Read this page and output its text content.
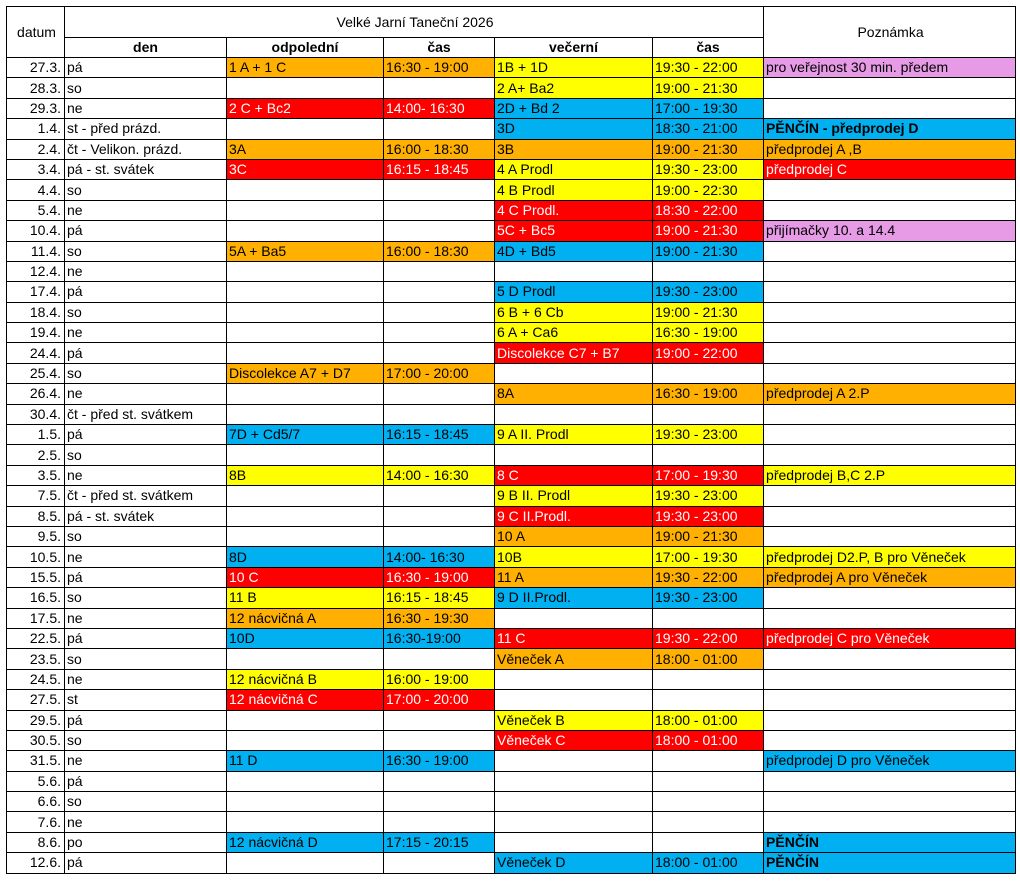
datum	Velké Jarní Taneční 2026					Poznámka
	den	odpolední	čas	večerní	čas	
27.3.	pá	1 A + 1 C	16:30 - 19:00	1B + 1D	19:30 - 22:00	pro veřejnost 30 min. předem
28.3.	so			2 A+ Ba2	19:00 - 21:30	
29.3.	ne	2 C + Bc2	14:00- 16:30	2D + Bd 2	17:00 - 19:30	
1.4.	st - před prázd.			3D	18:30 - 21:00	PĚNČÍN - předprodej D
2.4.	čt - Velikon. prázd.	3A	16:00 - 18:30	3B	19:00 - 21:30	předprodej A ,B
3.4.	pá - st. svátek	3C	16:15 - 18:45	4 A Prodl	19:30 - 23:00	předprodej C
4.4.	so			4 B Prodl	19:00 - 22:30	
5.4.	ne			4 C Prodl.	18:30 - 22:00	
10.4.	pá			5C + Bc5	19:00 - 21:30	přijímačky 10. a 14.4
11.4.	so	5A + Ba5	16:00 - 18:30	4D + Bd5	19:00 - 21:30	
12.4.	ne					
17.4.	pá			5 D Prodl	19:30 - 23:00	
18.4.	so			6 B + 6 Cb	19:00 - 21:30	
19.4.	ne			6 A + Ca6	16:30 - 19:00	
24.4.	pá			Discolekce C7 + B7	19:00 - 22:00	
25.4.	so	Discolekce A7 + D7	17:00 - 20:00			
26.4.	ne			8A	16:30 - 19:00	předprodej A 2.P
30.4.	čt - před st. svátkem					
1.5.	pá	7D + Cd5/7	16:15 - 18:45	9 A II. Prodl	19:30 - 23:00	
2.5.	so					
3.5.	ne	8B	14:00 - 16:30	8 C	17:00 - 19:30	předprodej B,C 2.P
7.5.	čt - před st. svátkem			9 B II. Prodl	19:30 - 23:00	
8.5.	pá - st. svátek			9 C II.Prodl.	19:30 - 23:00	
9.5.	so			10 A	19:00 - 21:30	
10.5.	ne	8D	14:00- 16:30	10B	17:00 - 19:30	předprodej D2.P, B pro Věneček
15.5.	pá	10 C	16:30 - 19:00	11 A	19:30 - 22:00	předprodej A pro Věneček
16.5.	so	11 B	16:15 - 18:45	9 D II.Prodl.	19:30 - 23:00	
17.5.	ne	12 nácvičná A	16:30 - 19:30			
22.5.	pá	10D	16:30-19:00	11 C	19:30 - 22:00	předprodej C pro Věneček
23.5.	so			Věneček A	18:00 - 01:00	
24.5.	ne	12 nácvičná B	16:00 - 19:00			
27.5.	st	12 nácvičná C	17:00 - 20:00			
29.5.	pá			Věneček B	18:00 - 01:00	
30.5.	so			Věneček C	18:00 - 01:00	
31.5.	ne	11 D	16:30 - 19:00			předprodej D pro Věneček
5.6.	pá					
6.6.	so					
7.6.	ne					
8.6.	po	12 nácvičná D	17:15 - 20:15			PĚNČÍN
12.6.	pá			Věneček D	18:00 - 01:00	PĚNČÍN
